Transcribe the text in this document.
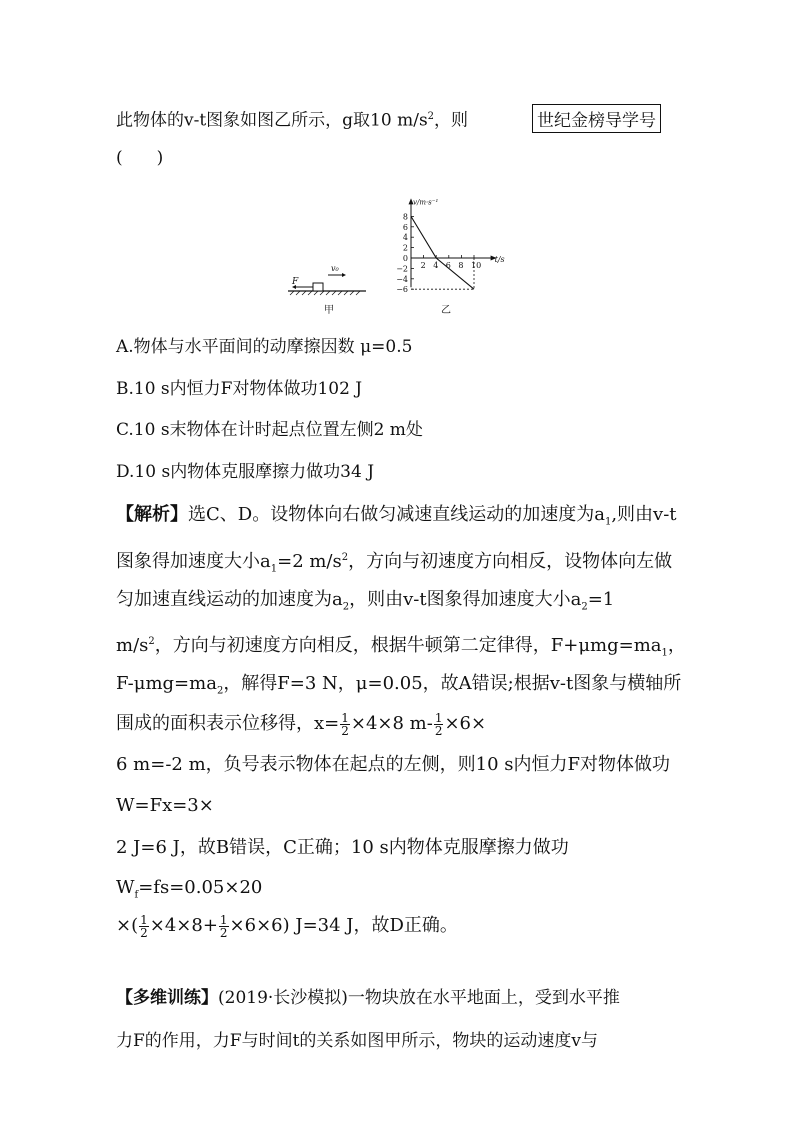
此物体的v-t图象如图乙所示，g取10 $m/s^2$，则	世纪金榜导学号
(　　)
F
v₀
甲
v/m·s⁻¹
t/s
8
6
4
2
0
−2
−4
−6
2 4 6 8 10
乙
A.物体与水平面间的动摩擦因数 μ=0.5
B.10 s内恒力F对物体做功102 J
C.10 s末物体在计时起点位置左侧2 m处
D.10 s内物体克服摩擦力做功34 J
【解析】选C、D。设物体向右做匀减速直线运动的加速度为$a_1$,则由v-t
图象得加速度大小$a_1=2$ $m/s^2$，方向与初速度方向相反，设物体向左做
匀加速直线运动的加速度为$a_2$，则由v-t图象得加速度大小$a_2=1$
$m/s^2$，方向与初速度方向相反，根据牛顿第二定律得，$F+\mu mg=ma_1$，
$F-\mu mg=ma_2$，解得F=3 N，μ=0.05，故A错误;根据v-t图象与横轴所
围成的面积表示位移得，$x= \frac{1}{2} \times 4\times 8$ $m- \frac{1}{2} \times 6\times$
6 m=-2 m，负号表示物体在起点的左侧，则10 s内恒力F对物体做功
W=Fx=3×
2 J=6 J，故B错误，C正确；10 s内物体克服摩擦力做功
$W_f=fs=0.05\times 20$
×( $\frac{1}{2} \times 4\times 8+ \frac{1}{2} \times 6\times 6$) J=34 J，故D正确。
【多维训练】(2019·长沙模拟)一物块放在水平地面上，受到水平推
力F的作用，力F与时间t的关系如图甲所示，物块的运动速度v与
